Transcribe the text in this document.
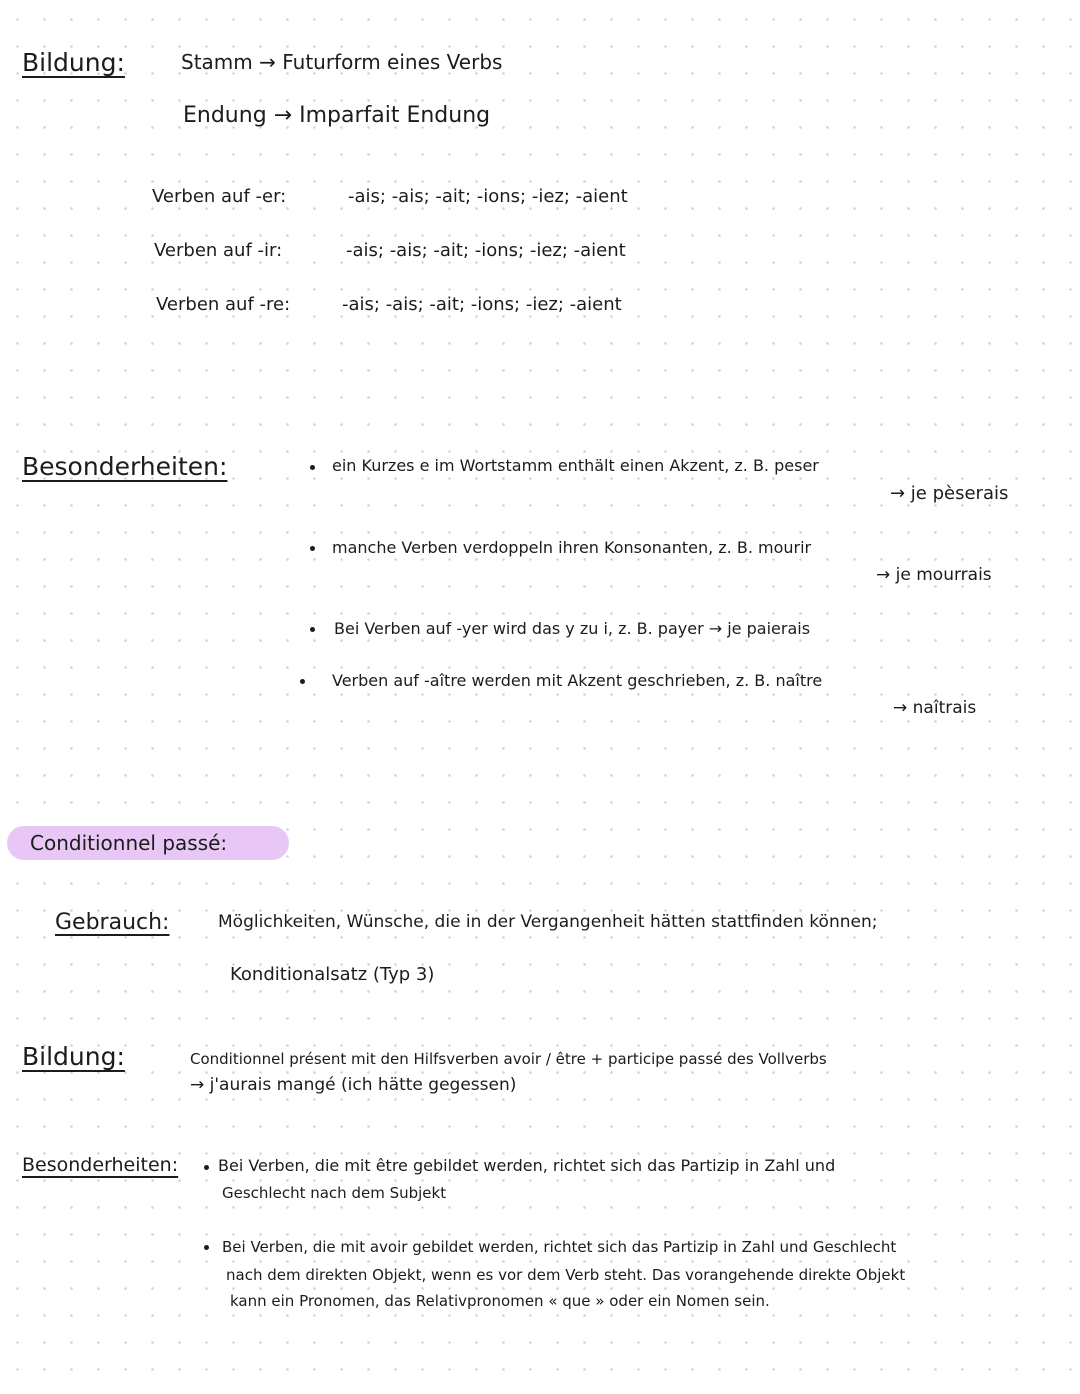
Bildung:	Stamm → Futurform eines Verbs
Endung → Imparfait Endung
Verben auf -er:	-ais; -ais; -ait; -ions; -iez; -aient
Verben auf -ir:	-ais; -ais; -ait; -ions; -iez; -aient
Verben auf -re:	-ais; -ais; -ait; -ions; -iez; -aient
Besonderheiten:	ein Kurzes e im Wortstamm enthält einen Akzent, z. B. peser
→ je pèserais
manche Verben verdoppeln ihren Konsonanten, z. B. mourir
→ je mourrais
Bei Verben auf -yer wird das y zu i, z. B. payer → je paierais
Verben auf -aître werden mit Akzent geschrieben, z. B. naître
→ naîtrais
Conditionnel passé:
Gebrauch:	Möglichkeiten, Wünsche, die in der Vergangenheit hätten stattfinden können;
Konditionalsatz (Typ 3)
Bildung:	Conditionnel présent mit den Hilfsverben avoir / être + participe passé des Vollverbs
→ j'aurais mangé (ich hätte gegessen)
Besonderheiten: Bei Verben, die mit être gebildet werden, richtet sich das Partizip in Zahl und
Geschlecht nach dem Subjekt
Bei Verben, die mit avoir gebildet werden, richtet sich das Partizip in Zahl und Geschlecht
nach dem direkten Objekt, wenn es vor dem Verb steht. Das vorangehende direkte Objekt
kann ein Pronomen, das Relativpronomen « que » oder ein Nomen sein.
